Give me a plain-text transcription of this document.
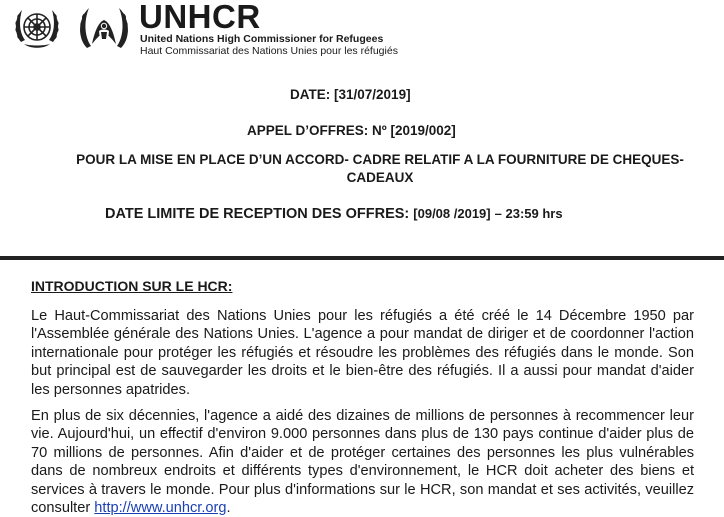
UNHCR
United Nations High Commissioner for Refugees
Haut Commissariat des Nations Unies pour les réfugiés
DATE: [31/07/2019]
APPEL D’OFFRES: Nº [2019/002]
POUR LA MISE EN PLACE D’UN ACCORD- CADRE RELATIF A LA FOURNITURE DE CHEQUES-CADEAUX
DATE LIMITE DE RECEPTION DES OFFRES: [09/08 /2019] – 23:59 hrs
INTRODUCTION SUR LE HCR:

Le Haut-Commissariat des Nations Unies pour les réfugiés a été créé le 14 Décembre 1950 par l'Assemblée générale des Nations Unies. L'agence a pour mandat de diriger et de coordonner l'action internationale pour protéger les réfugiés et résoudre les problèmes des réfugiés dans le monde. Son but principal est de sauvegarder les droits et le bien-être des réfugiés. Il a aussi pour mandat d'aider les personnes apatrides.

En plus de six décennies, l'agence a aidé des dizaines de millions de personnes à recommencer leur vie. Aujourd'hui, un effectif d'environ 9.000 personnes dans plus de 130 pays continue d'aider plus de 70 millions de personnes. Afin d'aider et de protéger certaines des personnes les plus vulnérables dans de nombreux endroits et différents types d'environnement, le HCR doit acheter des biens et services à travers le monde. Pour plus d'informations sur le HCR, son mandat et ses activités, veuillez consulter http://www.unhcr.org.
